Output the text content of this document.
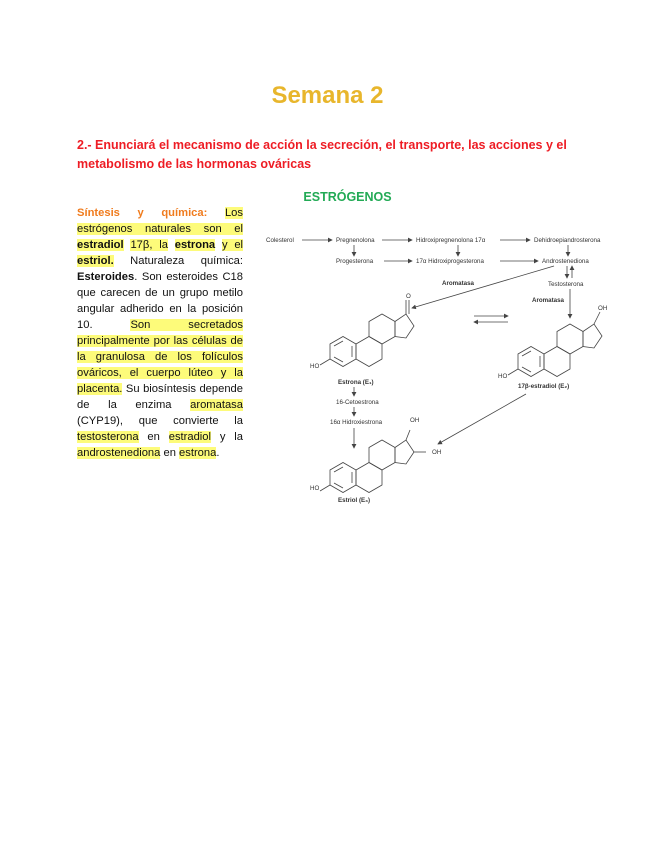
Semana 2
2.- Enunciará el mecanismo de acción la secreción, el transporte, las acciones y el metabolismo de las hormonas ováricas
ESTRÓGENOS
Síntesis y química: Los estrógenos naturales son el estradiol 17β, la estrona y el estriol. Naturaleza química: Esteroides. Son esteroides C18 que carecen de un grupo metilo angular adherido en la posición 10.	Son secretados principalmente por las células de la granulosa de los folículos ováricos, el cuerpo lúteo y la placenta. Su biosíntesis depende de la enzima aromatasa (CYP19), que convierte la testosterona en estradiol y la androstenediona en estrona.
Colesterol	Pregnenolona	Hidroxipregnenolona 17α	Dehidroepiandrosterona
Progesterona	17α Hidroxiprogesterona	Androstenediona
Testosterona
Aromatasa
Aromatasa
O
HO
Estrona (E₁)
OH
HO
17β-estradiol (E₂)
16-Cetoestrona
16α Hidroxiestrona	OH
OH
HO
Estriol (E₃)
